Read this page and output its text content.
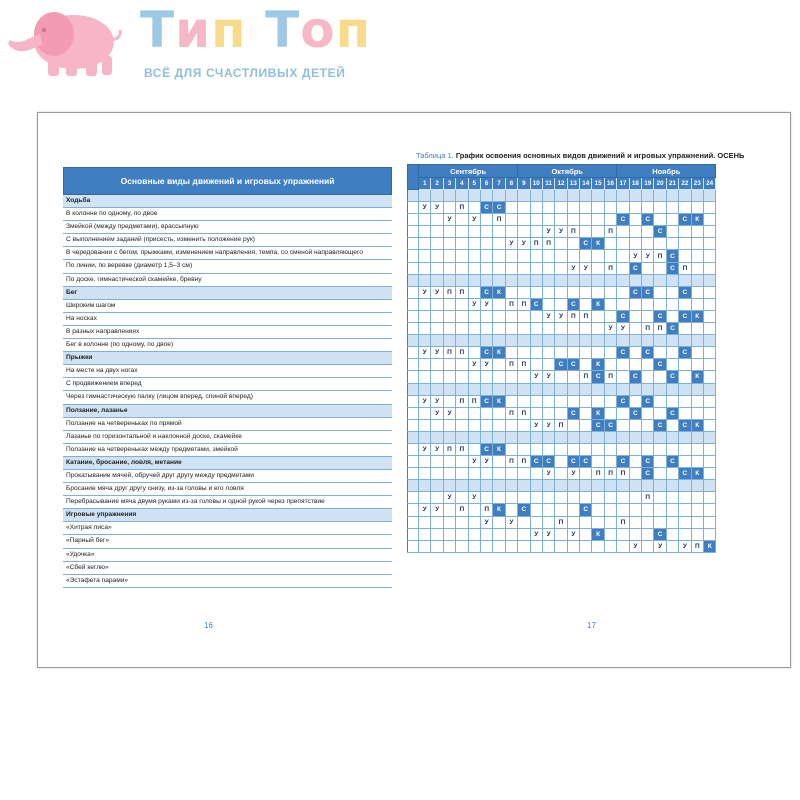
Тип Топ
ВСЁ ДЛЯ СЧАСТЛИВЫХ ДЕТЕЙ
Основные виды движений и игровых упражнений
Ходьба
В колонне по одному, по двое
Змейкой (между предметами), врассыпную
С выполнением заданий (присесть, изменить положение рук)
В чередовании с бегом, прыжками, изменением направления, темпа, со сменой направляющего
По линии, по веревке (диаметр 1,5–3 см)
По доске, гимнастической скамейке, бревну
Бег
Широким шагом
На носках
В разных направлениях
Бег в колонне (по одному, по двое)
Прыжки
На месте на двух ногах
С продвижением вперед
Через гимнастическую палку (лицом вперед, спиной вперед)
Ползание, лазанье
Ползание на четвереньках по прямой
Лазанье по горизонтальной и наклонной доске, скамейке
Ползание на четвереньках между предметами, змейкой
Катание, бросание, ловля, метание
Прокатывание мячей, обручей друг другу между предметами
Бросание мяча друг другу снизу, из-за головы и его ловля
Перебрасывание мяча двумя руками из-за головы и одной рукой через препятствие
Игровые упражнения
«Хитрая лиса»
«Парный бег»
«Удочка»
«Сбей кеглю»
«Эстафета парами»
Таблица 1. График освоения основных видов движений и игровых упражнений. ОСЕНЬ
	Сентябрь								Октябрь								Ноябрь							
	1	2	3	4	5	6	7	8	9	10	11	12	13	14	15	16	17	18	19	20	21	22	23	24

	У	У		П		С	С																	
			У		У		П										С		С			С	К	
											У	У	П			П				С				
								У	У	П	П			С	К									
																		У	У	П	С			
													У	У		П		С			С	П		

	У	У	П	П		С	К											С	С			С		
					У	У		П	П	С			С		К									
											У	У	П	П			С			С		С	К	
																У	У		П	П	С			

	У	У	П	П		С	К										С		С			С		
					У	У		П	П			С	С		К					С				
										У	У			П	С	П		С			С		К	

	У	У		П	П	С	К										С		С					
		У	У					П	П				С		К			С			С			
										У	У	П			С	С				С		С	К	

	У	У	П	П		С	К																	
					У	У		П	П	С	С		С	С			С		С		С			
											У		У		П	П	П		С			С	К	

			У		У														П					
	У	У		П		П	К		С					С										
						У		У				П					П							
										У	У		У		К					С				
																		У		У		У	П	К
16	17
